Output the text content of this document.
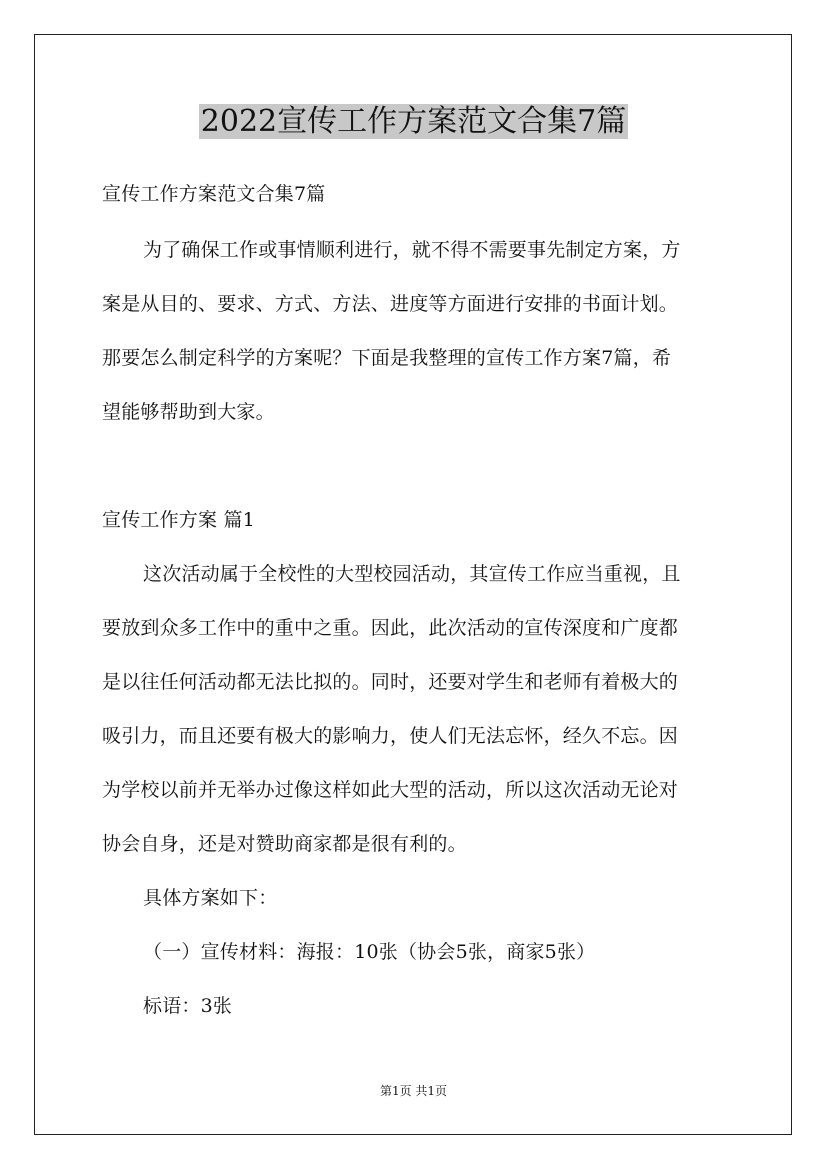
2022宣传工作方案范文合集7篇
宣传工作方案范文合集7篇
为了确保工作或事情顺利进行，就不得不需要事先制定方案，方
案是从目的、要求、方式、方法、进度等方面进行安排的书面计划。
那要怎么制定科学的方案呢？下面是我整理的宣传工作方案7篇，希
望能够帮助到大家。
宣传工作方案 篇1
这次活动属于全校性的大型校园活动，其宣传工作应当重视，且
要放到众多工作中的重中之重。因此，此次活动的宣传深度和广度都
是以往任何活动都无法比拟的。同时，还要对学生和老师有着极大的
吸引力，而且还要有极大的影响力，使人们无法忘怀，经久不忘。因
为学校以前并无举办过像这样如此大型的活动，所以这次活动无论对
协会自身，还是对赞助商家都是很有利的。
具体方案如下：
（一）宣传材料：海报：10张（协会5张，商家5张）
标语：3张
第1页 共1页
